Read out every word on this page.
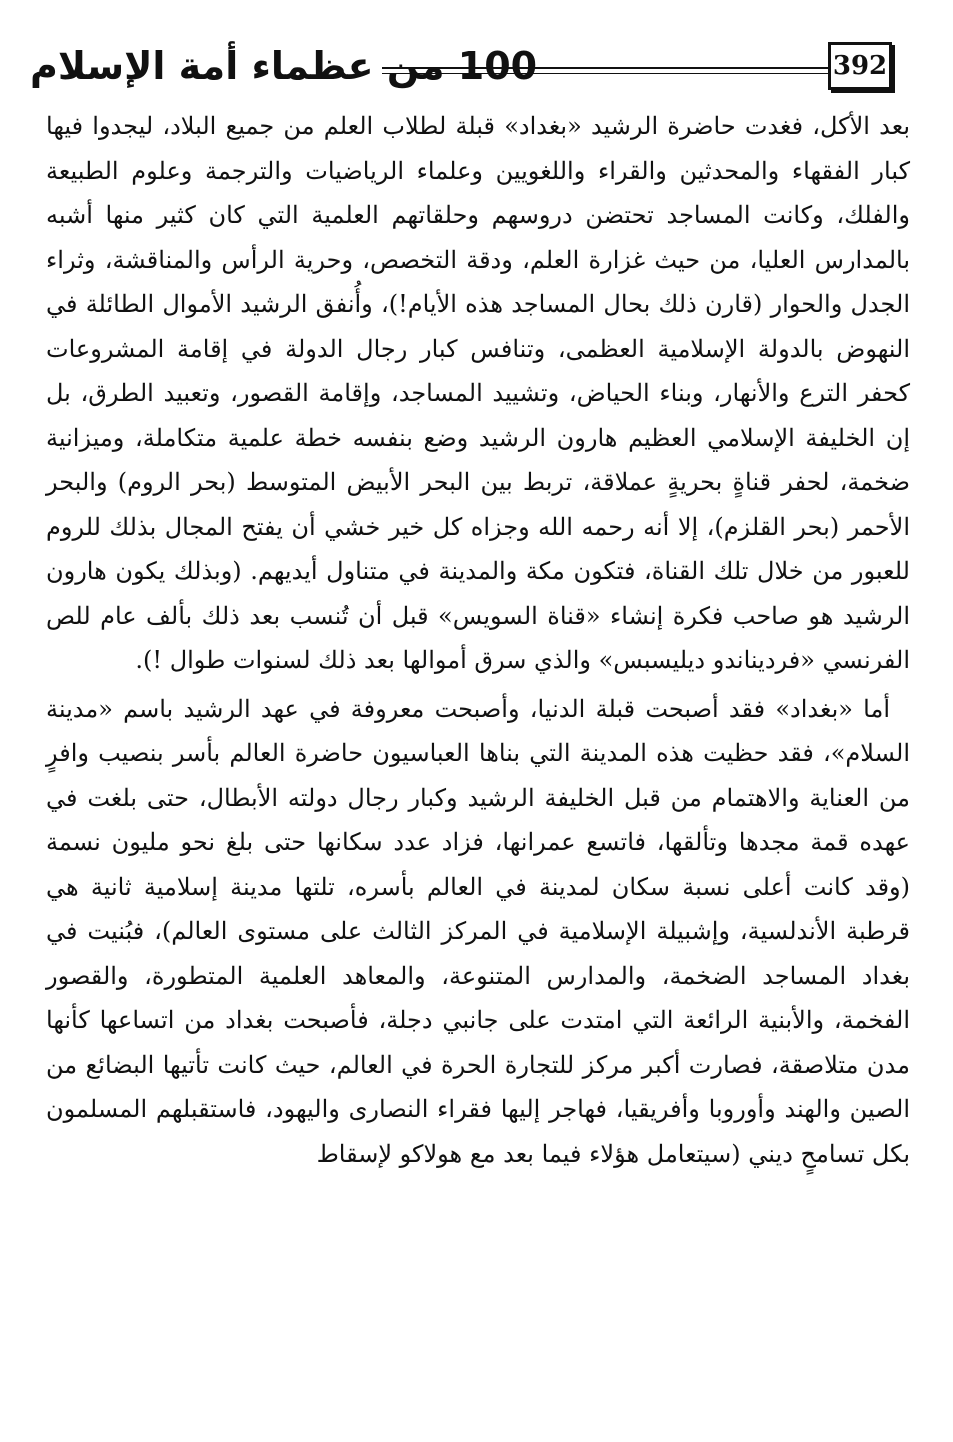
100 من عظماء أمة الإسلام	392

بعد الأكل، فغدت حاضرة الرشيد «بغداد» قبلة لطلاب العلم من جميع البلاد، ليجدوا فيها كبار الفقهاء والمحدثين والقراء واللغويين وعلماء الرياضيات والترجمة وعلوم الطبيعة والفلك، وكانت المساجد تحتضن دروسهم وحلقاتهم العلمية التي كان كثير منها أشبه بالمدارس العليا، من حيث غزارة العلم، ودقة التخصص، وحرية الرأس والمناقشة، وثراء الجدل والحوار (قارن ذلك بحال المساجد هذه الأيام!)، وأُنفق الرشيد الأموال الطائلة في النهوض بالدولة الإسلامية العظمى، وتنافس كبار رجال الدولة في إقامة المشروعات كحفر الترع والأنهار، وبناء الحياض، وتشييد المساجد، وإقامة القصور، وتعبيد الطرق، بل إن الخليفة الإسلامي العظيم هارون الرشيد وضع بنفسه خطة علمية متكاملة، وميزانية ضخمة، لحفر قناةٍ بحريةٍ عملاقة، تربط بين البحر الأبيض المتوسط (بحر الروم) والبحر الأحمر (بحر القلزم)، إلا أنه رحمه الله وجزاه كل خير خشي أن يفتح المجال بذلك للروم للعبور من خلال تلك القناة، فتكون مكة والمدينة في متناول أيديهم. (وبذلك يكون هارون الرشيد هو صاحب فكرة إنشاء «قناة السويس» قبل أن تُنسب بعد ذلك بألف عام للص الفرنسي «فرديناندو ديليسبس» والذي سرق أموالها بعد ذلك لسنوات طوال !).

أما «بغداد» فقد أصبحت قبلة الدنيا، وأصبحت معروفة في عهد الرشيد باسم «مدينة السلام»، فقد حظيت هذه المدينة التي بناها العباسيون حاضرة العالم بأسر بنصيب وافرٍ من العناية والاهتمام من قبل الخليفة الرشيد وكبار رجال دولته الأبطال، حتى بلغت في عهده قمة مجدها وتألقها، فاتسع عمرانها، فزاد عدد سكانها حتى بلغ نحو مليون نسمة (وقد كانت أعلى نسبة سكان لمدينة في العالم بأسره، تلتها مدينة إسلامية ثانية هي قرطبة الأندلسية، وإشبيلة الإسلامية في المركز الثالث على مستوى العالم)، فبُنيت في بغداد المساجد الضخمة، والمدارس المتنوعة، والمعاهد العلمية المتطورة، والقصور الفخمة، والأبنية الرائعة التي امتدت على جانبي دجلة، فأصبحت بغداد من اتساعها كأنها مدن متلاصقة، فصارت أكبر مركز للتجارة الحرة في العالم، حيث كانت تأتيها البضائع من الصين والهند وأوروبا وأفريقيا، فهاجر إليها فقراء النصارى واليهود، فاستقبلهم المسلمون بكل تسامحٍ ديني (سيتعامل هؤلاء فيما بعد مع هولاكو لإسقاط
